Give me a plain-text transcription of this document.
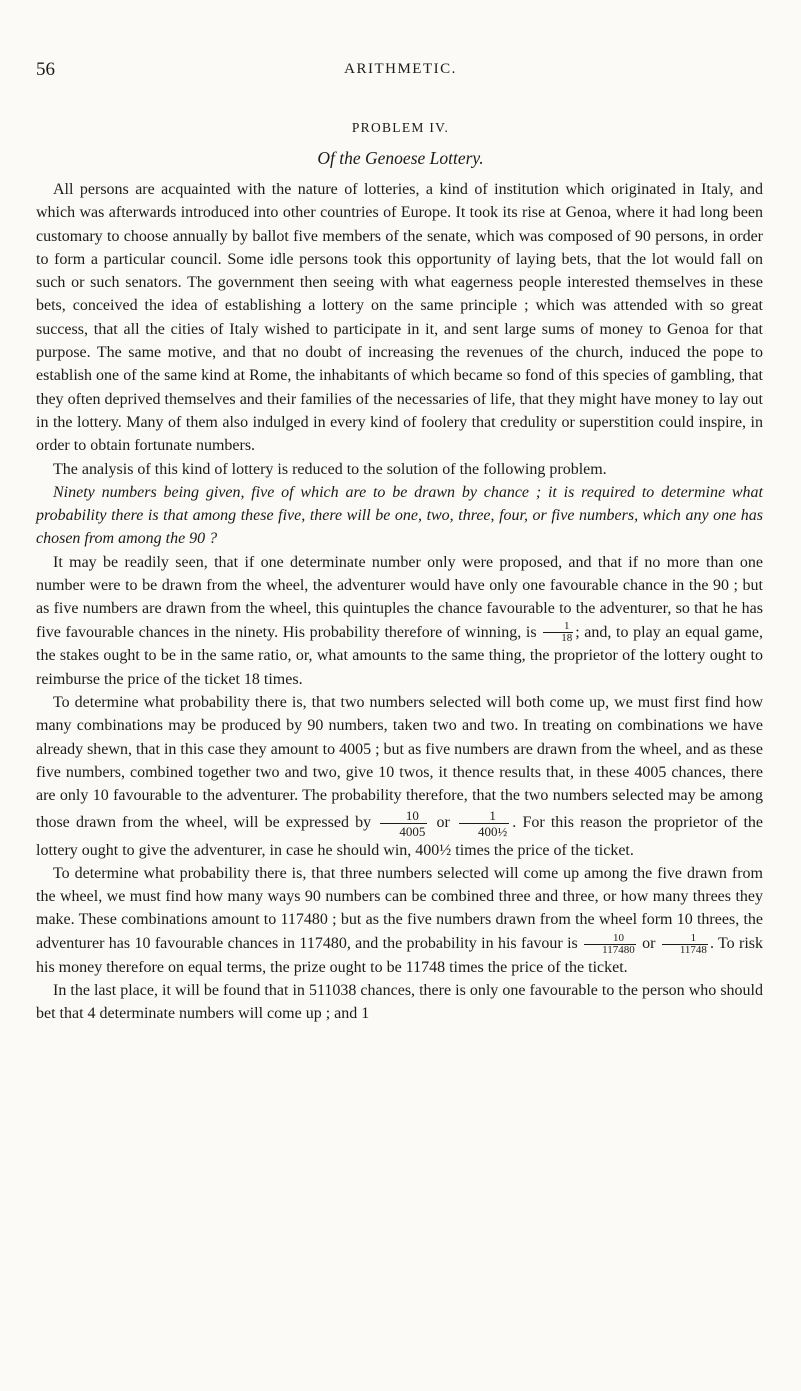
56	ARITHMETIC.
PROBLEM IV.
Of the Genoese Lottery.

All persons are acquainted with the nature of lotteries, a kind of institution which originated in Italy, and which was afterwards introduced into other countries of Europe. It took its rise at Genoa, where it had long been customary to choose annually by ballot five members of the senate, which was composed of 90 persons, in order to form a particular council. Some idle persons took this opportunity of laying bets, that the lot would fall on such or such senators. The government then seeing with what eagerness people interested themselves in these bets, conceived the idea of establishing a lottery on the same principle ; which was attended with so great success, that all the cities of Italy wished to participate in it, and sent large sums of money to Genoa for that purpose. The same motive, and that no doubt of increasing the revenues of the church, induced the pope to establish one of the same kind at Rome, the inhabitants of which became so fond of this species of gambling, that they often deprived themselves and their families of the necessaries of life, that they might have money to lay out in the lottery. Many of them also indulged in every kind of foolery that credulity or superstition could inspire, in order to obtain fortunate numbers.

The analysis of this kind of lottery is reduced to the solution of the following problem.

Ninety numbers being given, five of which are to be drawn by chance ; it is required to determine what probability there is that among these five, there will be one, two, three, four, or five numbers, which any one has chosen from among the 90 ?

It may be readily seen, that if one determinate number only were proposed, and that if no more than one number were to be drawn from the wheel, the adventurer would have only one favourable chance in the 90 ; but as five numbers are drawn from the wheel, this quintuples the chance favourable to the adventurer, so that he has five favourable chances in the ninety. His probability therefore of winning, is $\frac{1}{18}$ ; and, to play an equal game, the stakes ought to be in the same ratio, or, what amounts to the same thing, the proprietor of the lottery ought to reimburse the price of the ticket 18 times.

To determine what probability there is, that two numbers selected will both come up, we must first find how many combinations may be produced by 90 numbers, taken two and two. In treating on combinations we have already shewn, that in this case they amount to 4005 ; but as five numbers are drawn from the wheel, and as these five numbers, combined together two and two, give 10 twos, it thence results that, in these 4005 chances, there are only 10 favourable to the adventurer. The probability therefore, that the two numbers selected may be among those drawn from the wheel, will be expressed by $\frac{10}{4005}$ or $\frac{1}{\text{400½}}$ . For this reason the proprietor of the lottery ought to give the adventurer, in case he should win, 400½ times the price of the ticket.

To determine what probability there is, that three numbers selected will come up among the five drawn from the wheel, we must find how many ways 90 numbers can be combined three and three, or how many threes they make. These combinations amount to 117480 ; but as the five numbers drawn from the wheel form 10 threes, the adventurer has 10 favourable chances in 117480, and the probability in his favour is $\frac{10}{117480}$ or $\frac{1}{11748}$ . To risk his money therefore on equal terms, the prize ought to be 11748 times the price of the ticket.

In the last place, it will be found that in 511038 chances, there is only one favourable to the person who should bet that 4 determinate numbers will come up ; and 1
